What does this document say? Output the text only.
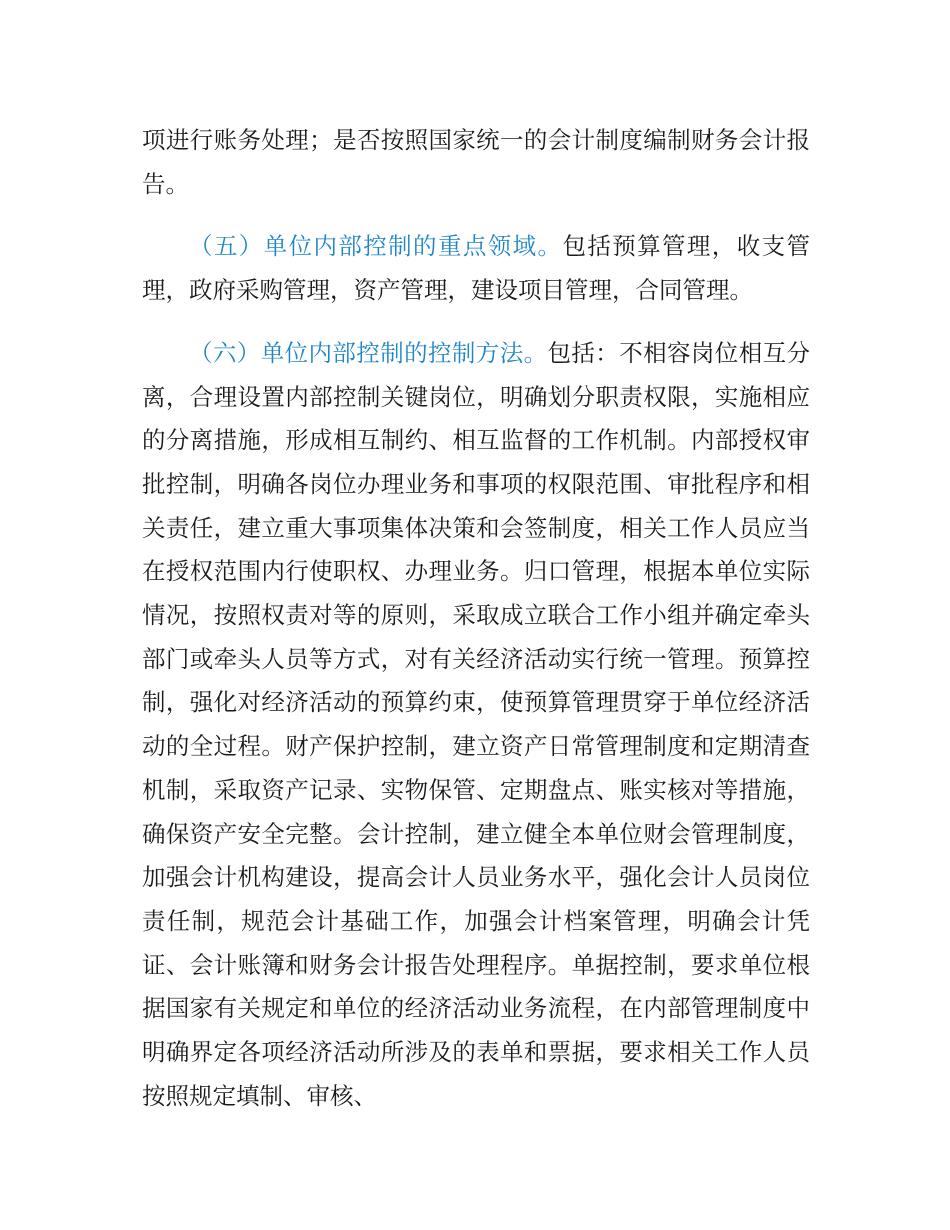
项进行账务处理；是否按照国家统一的会计制度编制财务会计报告。

（五）单位内部控制的重点领域。包括预算管理，收支管理，政府采购管理，资产管理，建设项目管理，合同管理。

（六）单位内部控制的控制方法。包括：不相容岗位相互分离，合理设置内部控制关键岗位，明确划分职责权限，实施相应的分离措施，形成相互制约、相互监督的工作机制。内部授权审批控制，明确各岗位办理业务和事项的权限范围、审批程序和相关责任，建立重大事项集体决策和会签制度，相关工作人员应当在授权范围内行使职权、办理业务。归口管理，根据本单位实际情况，按照权责对等的原则，采取成立联合工作小组并确定牵头部门或牵头人员等方式，对有关经济活动实行统一管理。预算控制，强化对经济活动的预算约束，使预算管理贯穿于单位经济活动的全过程。财产保护控制，建立资产日常管理制度和定期清查机制，采取资产记录、实物保管、定期盘点、账实核对等措施，确保资产安全完整。会计控制，建立健全本单位财会管理制度，加强会计机构建设，提高会计人员业务水平，强化会计人员岗位责任制，规范会计基础工作，加强会计档案管理，明确会计凭证、会计账簿和财务会计报告处理程序。单据控制，要求单位根据国家有关规定和单位的经济活动业务流程，在内部管理制度中明确界定各项经济活动所涉及的表单和票据，要求相关工作人员按照规定填制、审核、
